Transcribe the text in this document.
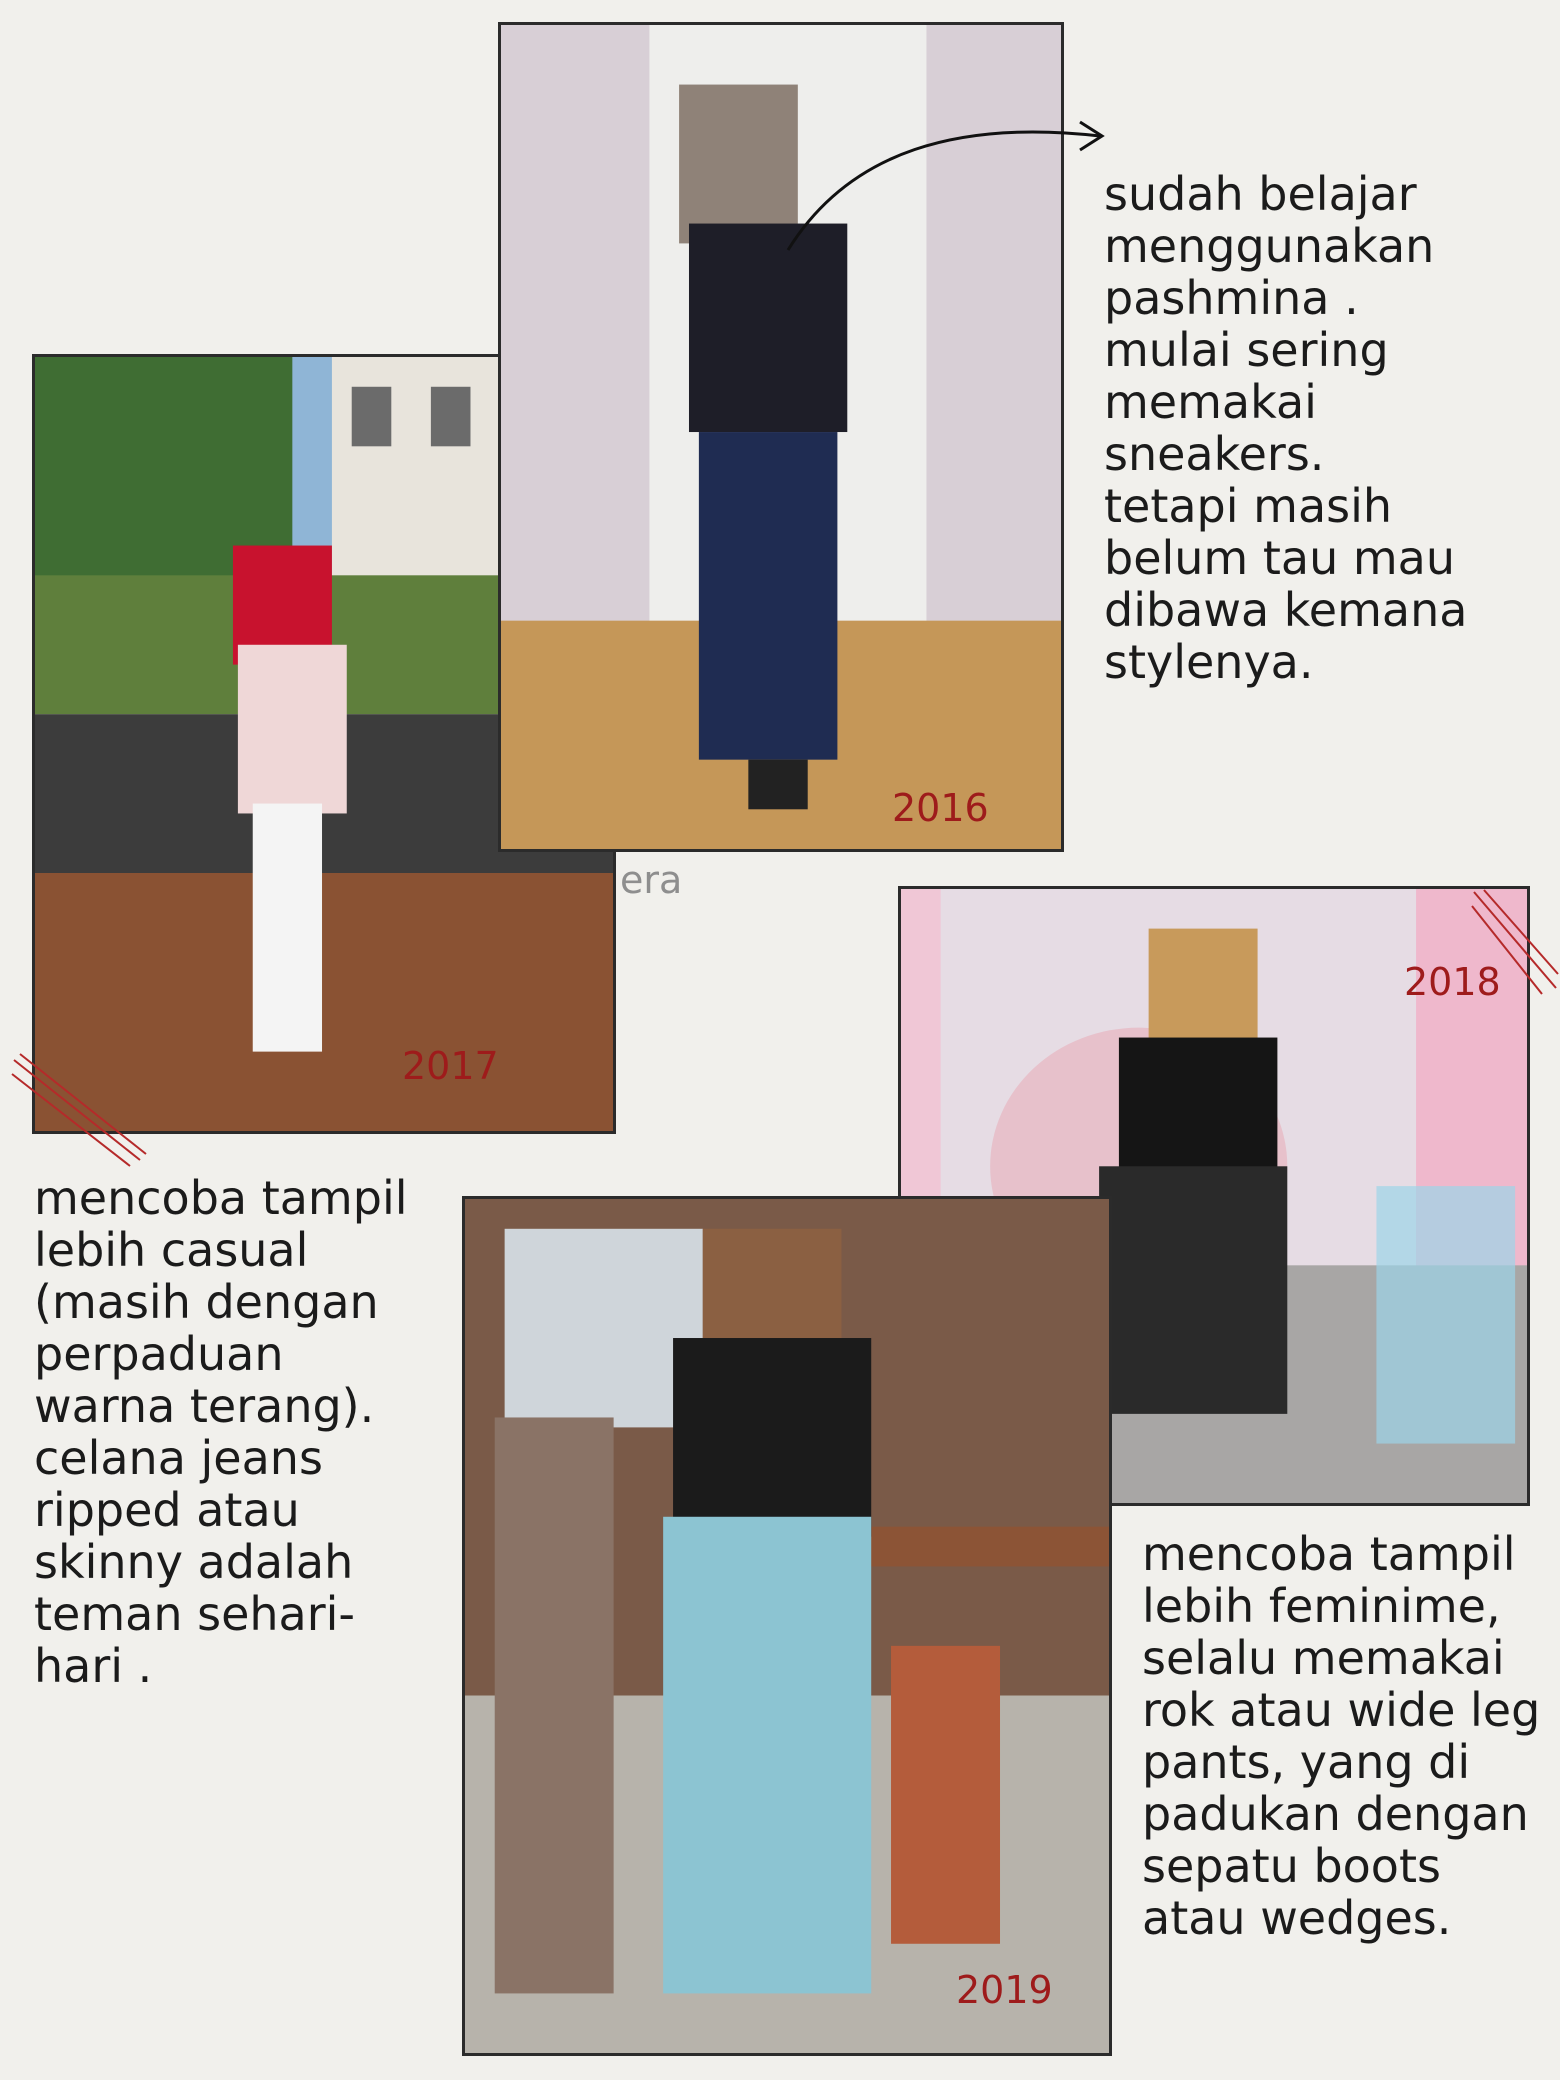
2017
2016
era
2018
2019

sudah belajar
menggunakan
pashmina .
mulai sering
memakai
sneakers.
tetapi masih
belum tau mau
dibawa kemana
stylenya.

mencoba tampil
lebih casual
(masih dengan
perpaduan
warna terang).
celana jeans
ripped atau
skinny adalah
teman sehari-
hari .

mencoba tampil
lebih feminime,
selalu memakai
rok atau wide leg
pants, yang di
padukan dengan
sepatu boots
atau wedges.
